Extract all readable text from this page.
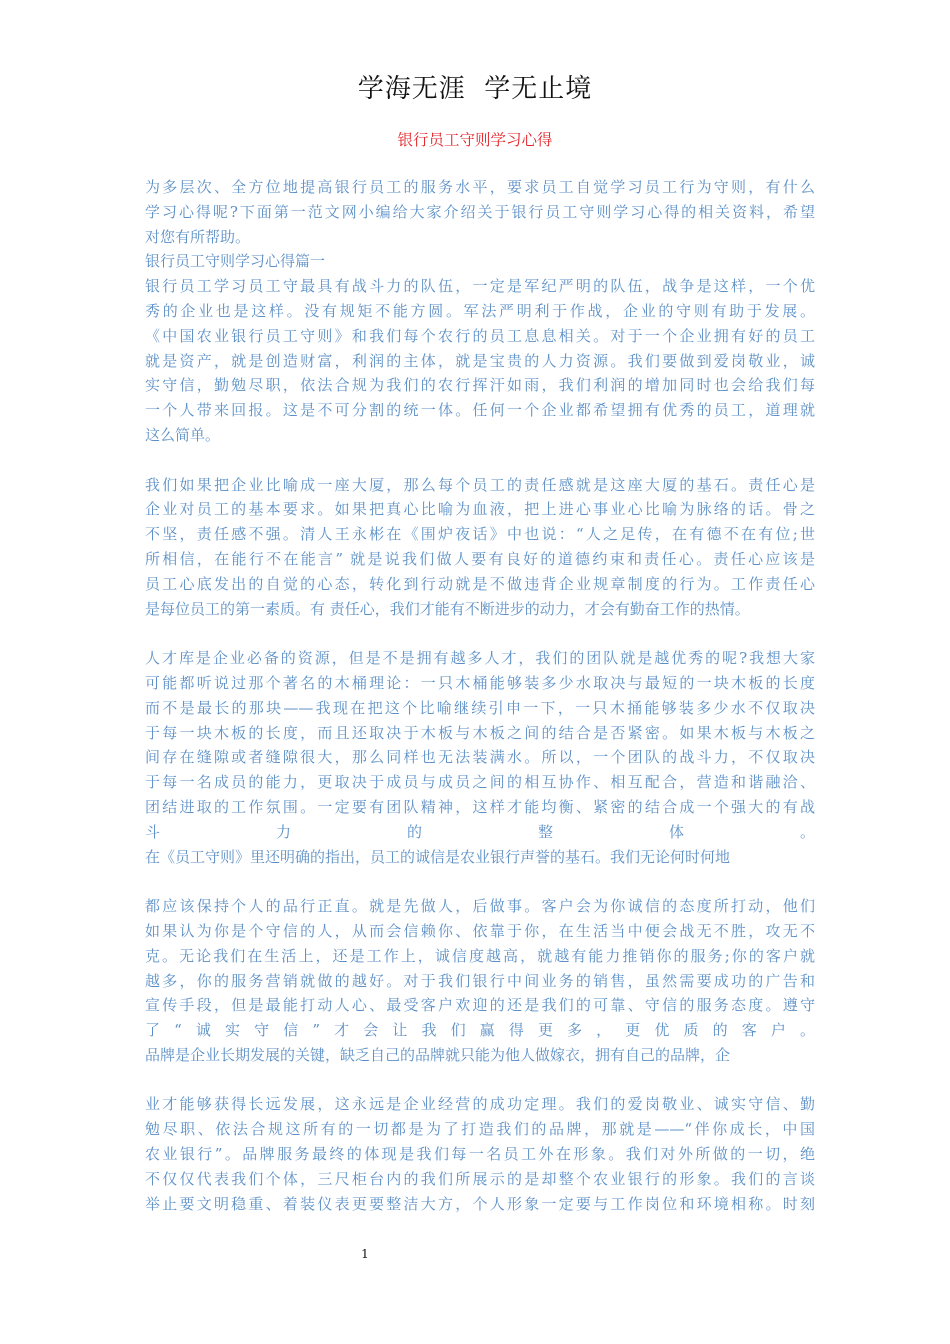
学海无涯  学无止境
银行员工守则学习心得
为多层次、全方位地提高银行员工的服务水平，要求员工自觉学习员工行为守则，有什么
学习心得呢?下面第一范文网小编给大家介绍关于银行员工守则学习心得的相关资料，希望
对您有所帮助。
银行员工守则学习心得篇一
银行员工学习员工守最具有战斗力的队伍，一定是军纪严明的队伍，战争是这样，一个优
秀的企业也是这样。没有规矩不能方圆。军法严明利于作战，企业的守则有助于发展。
《中国农业银行员工守则》和我们每个农行的员工息息相关。对于一个企业拥有好的员工
就是资产，就是创造财富，利润的主体，就是宝贵的人力资源。我们要做到爱岗敬业，诚
实守信，勤勉尽职，依法合规为我们的农行挥汗如雨，我们利润的增加同时也会给我们每
一个人带来回报。这是不可分割的统一体。任何一个企业都希望拥有优秀的员工，道理就
这么简单。
我们如果把企业比喻成一座大厦，那么每个员工的责任感就是这座大厦的基石。责任心是
企业对员工的基本要求。如果把真心比喻为血液，把上进心事业心比喻为脉络的话。骨之
不坚，责任感不强。清人王永彬在《围炉夜话》中也说：“人之足传，在有德不在有位;世
所相信，在能行不在能言” 就是说我们做人要有良好的道德约束和责任心。责任心应该是
员工心底发出的自觉的心态，转化到行动就是不做违背企业规章制度的行为。工作责任心
是每位员工的第一素质。有 责任心，我们才能有不断进步的动力，才会有勤奋工作的热情。
人才库是企业必备的资源，但是不是拥有越多人才，我们的团队就是越优秀的呢?我想大家
可能都听说过那个著名的木桶理论：一只木桶能够装多少水取决与最短的一块木板的长度
而不是最长的那块——我现在把这个比喻继续引申一下，一只木捅能够装多少水不仅取决
于每一块木板的长度，而且还取决于木板与木板之间的结合是否紧密。如果木板与木板之
间存在缝隙或者缝隙很大，那么同样也无法装满水。所以，一个团队的战斗力，不仅取决
于每一名成员的能力，更取决于成员与成员之间的相互协作、相互配合，营造和谐融洽、
团结进取的工作氛围。一定要有团队精神，这样才能均衡、紧密的结合成一个强大的有战
斗力的整体。
在《员工守则》里还明确的指出，员工的诚信是农业银行声誉的基石。我们无论何时何地
都应该保持个人的品行正直。就是先做人，后做事。客户会为你诚信的态度所打动，他们
如果认为你是个守信的人，从而会信赖你、依靠于你，在生活当中便会战无不胜，攻无不
克。无论我们在生活上，还是工作上，诚信度越高，就越有能力推销你的服务;你的客户就
越多，你的服务营销就做的越好。对于我们银行中间业务的销售，虽然需要成功的广告和
宣传手段，但是最能打动人心、最受客户欢迎的还是我们的可靠、守信的服务态度。遵守
了“诚实守信”才会让我们赢得更多，更优质的客户。
品牌是企业长期发展的关键，缺乏自己的品牌就只能为他人做嫁衣，拥有自己的品牌，企
业才能够获得长远发展，这永远是企业经营的成功定理。我们的爱岗敬业、诚实守信、勤
勉尽职、依法合规这所有的一切都是为了打造我们的品牌，那就是——“伴你成长，中国
农业银行”。品牌服务最终的体现是我们每一名员工外在形象。我们对外所做的一切，绝
不仅仅代表我们个体，三尺柜台内的我们所展示的是却整个农业银行的形象。我们的言谈
举止要文明稳重、着装仪表更要整洁大方，个人形象一定要与工作岗位和环境相称。时刻
1
